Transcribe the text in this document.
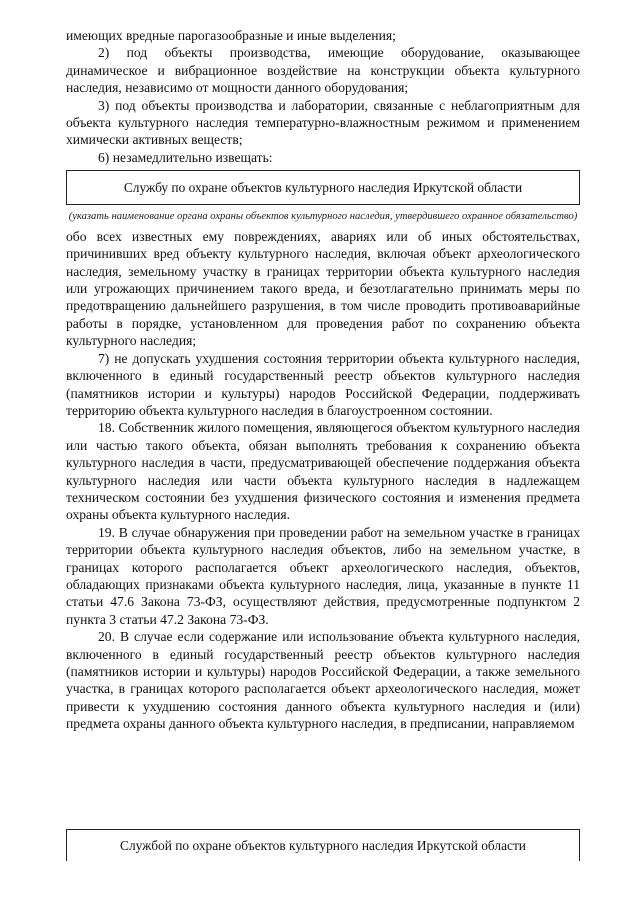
имеющих вредные парогазообразные и иные выделения;

2) под объекты производства, имеющие оборудование, оказывающее динамическое и вибрационное воздействие на конструкции объекта культурного наследия, независимо от мощности данного оборудования;

3) под объекты производства и лаборатории, связанные с неблагоприятным для объекта культурного наследия температурно-влажностным режимом и применением химически активных веществ;

6) незамедлительно извещать:

Службу по охране объектов культурного наследия Иркутской области
(указать наименование органа охраны объектов культурного наследия, утвердившего охранное обязательство)

обо всех известных ему повреждениях, авариях или об иных обстоятельствах, причинивших вред объекту культурного наследия, включая объект археологического наследия, земельному участку в границах территории объекта культурного наследия или угрожающих причинением такого вреда, и безотлагательно принимать меры по предотвращению дальнейшего разрушения, в том числе проводить противоаварийные работы в порядке, установленном для проведения работ по сохранению объекта культурного наследия;

7) не допускать ухудшения состояния территории объекта культурного наследия, включенного в единый государственный реестр объектов культурного наследия (памятников истории и культуры) народов Российской Федерации, поддерживать территорию объекта культурного наследия в благоустроенном состоянии.

18. Собственник жилого помещения, являющегося объектом культурного наследия или частью такого объекта, обязан выполнять требования к сохранению объекта культурного наследия в части, предусматривающей обеспечение поддержания объекта культурного наследия или части объекта культурного наследия в надлежащем техническом состоянии без ухудшения физического состояния и изменения предмета охраны объекта культурного наследия.

19. В случае обнаружения при проведении работ на земельном участке в границах территории объекта культурного наследия объектов, либо на земельном участке, в границах которого располагается объект археологического наследия, объектов, обладающих признаками объекта культурного наследия, лица, указанные в пункте 11 статьи 47.6 Закона 73-ФЗ, осуществляют действия, предусмотренные подпунктом 2 пункта 3 статьи 47.2 Закона 73-ФЗ.

20. В случае если содержание или использование объекта культурного наследия, включенного в единый государственный реестр объектов культурного наследия (памятников истории и культуры) народов Российской Федерации, а также земельного участка, в границах которого располагается объект археологического наследия, может привести к ухудшению состояния данного объекта культурного наследия и (или) предмета охраны данного объекта культурного наследия, в предписании, направляемом

Службой по охране объектов культурного наследия Иркутской области
